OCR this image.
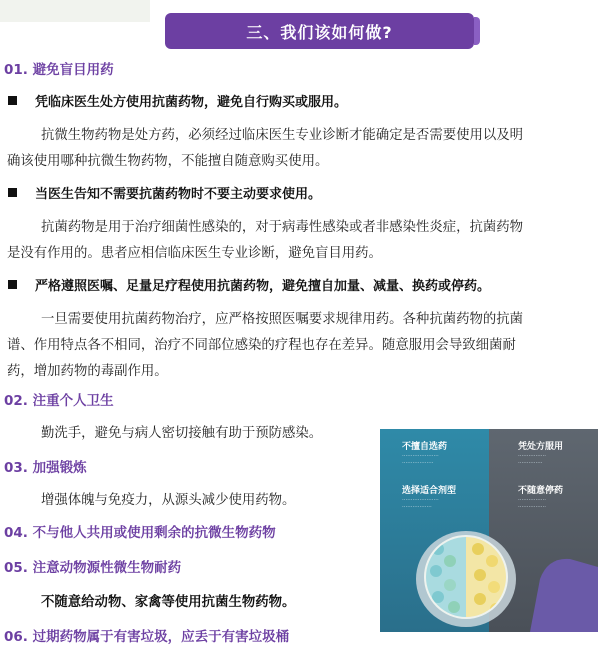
三、我们该如何做?
01. 避免盲目用药
凭临床医生处方使用抗菌药物，避免自行购买或服用。
抗微生物药物是处方药，必须经过临床医生专业诊断才能确定是否需要使用以及明
确该使用哪种抗微生物药物，不能擅自随意购买使用。
当医生告知不需要抗菌药物时不要主动要求使用。
抗菌药物是用于治疗细菌性感染的，对于病毒性感染或者非感染性炎症，抗菌药物
是没有作用的。患者应相信临床医生专业诊断，避免盲目用药。
严格遵照医嘱、足量足疗程使用抗菌药物，避免擅自加量、减量、换药或停药。
一旦需要使用抗菌药物治疗，应严格按照医嘱要求规律用药。各种抗菌药物的抗菌
谱、作用特点各不相同，治疗不同部位感染的疗程也存在差异。随意服用会导致细菌耐
药，增加药物的毒副作用。
02. 注重个人卫生
勤洗手，避免与病人密切接触有助于预防感染。
03. 加强锻炼
增强体魄与免疫力，从源头减少使用药物。
04. 不与他人共用或使用剩余的抗微生物药物
05. 注意动物源性微生物耐药
不随意给动物、家禽等使用抗菌生物药物。
06. 过期药物属于有害垃圾，应丢于有害垃圾桶
不擅自选药
·····················
··················
凭处方服用
················
··············
选择适合剂型
·····················
·················
不随意停药
················
················
